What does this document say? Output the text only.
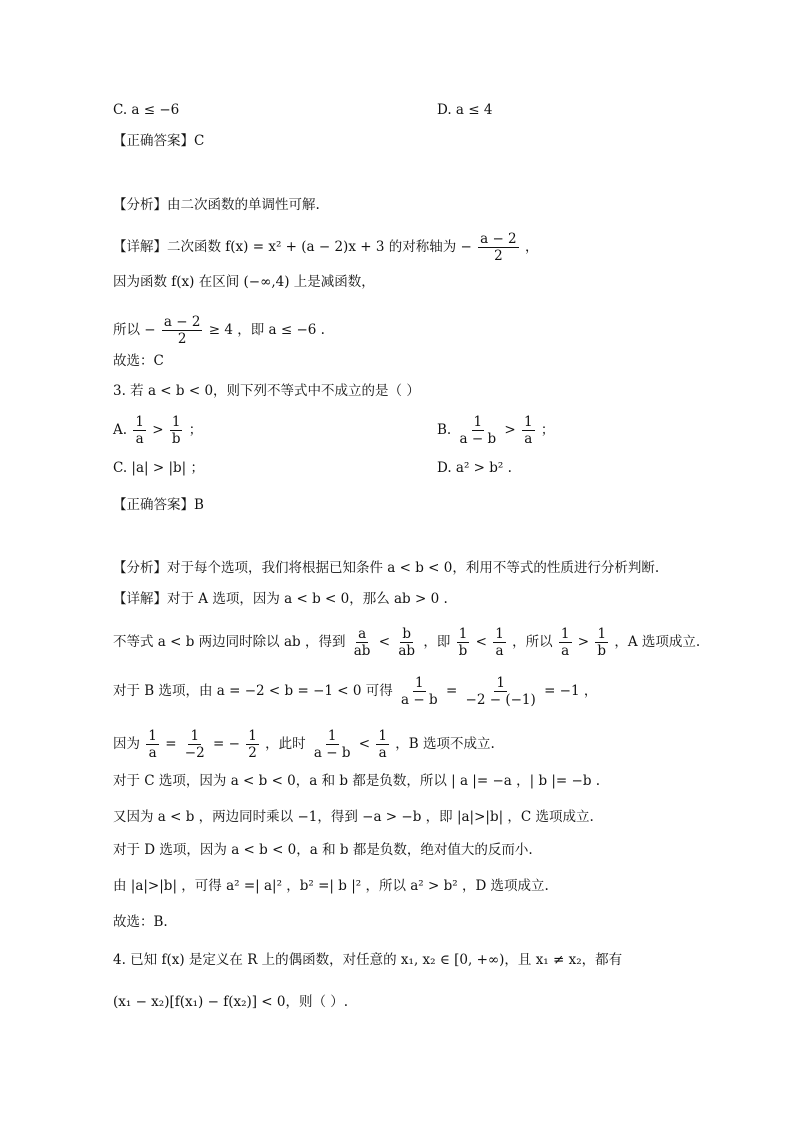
C. a ≤ −6	D. a ≤ 4
【正确答案】C
【分析】由二次函数的单调性可解.
【详解】二次函数 f(x) = x² + (a − 2)x + 3 的对称轴为 − $\frac{a - 2}{2}$ ，
因为函数 f(x) 在区间 (−∞,4) 上是减函数，
所以 − $\frac{a - 2}{2} \ge 4$ ，即 a ≤ −6 .
故选：C
3. 若 a < b < 0，则下列不等式中不成立的是（ ）
A. $\frac{1}{a} > \frac{1}{b}$ ；	B. $\frac{1}{a - b} > \frac{1}{a}$ ；
C. |a| > |b| ；	D. a² > b² .
【正确答案】B
【分析】对于每个选项，我们将根据已知条件 a < b < 0，利用不等式的性质进行分析判断.
【详解】对于 A 选项，因为 a < b < 0，那么 ab > 0 .
不等式 a < b 两边同时除以 ab ，得到 $\frac{a}{ab} < \frac{b}{ab}$ ，即 $\frac{1}{b} < \frac{1}{a}$ ，所以 $\frac{1}{a} > \frac{1}{b}$ ，A 选项成立.
对于 B 选项，由 a = −2 < b = −1 < 0 可得 $\frac{1}{a - b} = \frac{1}{-2 - (-1)} = -1$ ，
因为 $\frac{1}{a} = \frac{1}{-2}$ = − $\frac{1}{2}$ ，此时 $\frac{1}{a - b} < \frac{1}{a}$ ，B 选项不成立.
对于 C 选项，因为 a < b < 0，a 和 b 都是负数，所以 | a |= −a ，| b |= −b .
又因为 a < b ，两边同时乘以 −1，得到 −a > −b ，即 |a|>|b| ，C 选项成立.
对于 D 选项，因为 a < b < 0，a 和 b 都是负数，绝对值大的反而小.
由 |a|>|b| ，可得 a² =| a|² ，b² =| b |² ，所以 a² > b² ，D 选项成立.
故选：B.
4. 已知 f(x) 是定义在 R 上的偶函数，对任意的 x₁, x₂ ∈ [0, +∞)，且 x₁ ≠ x₂，都有
(x₁ − x₂)[f(x₁) − f(x₂)] < 0，则（ ）.
